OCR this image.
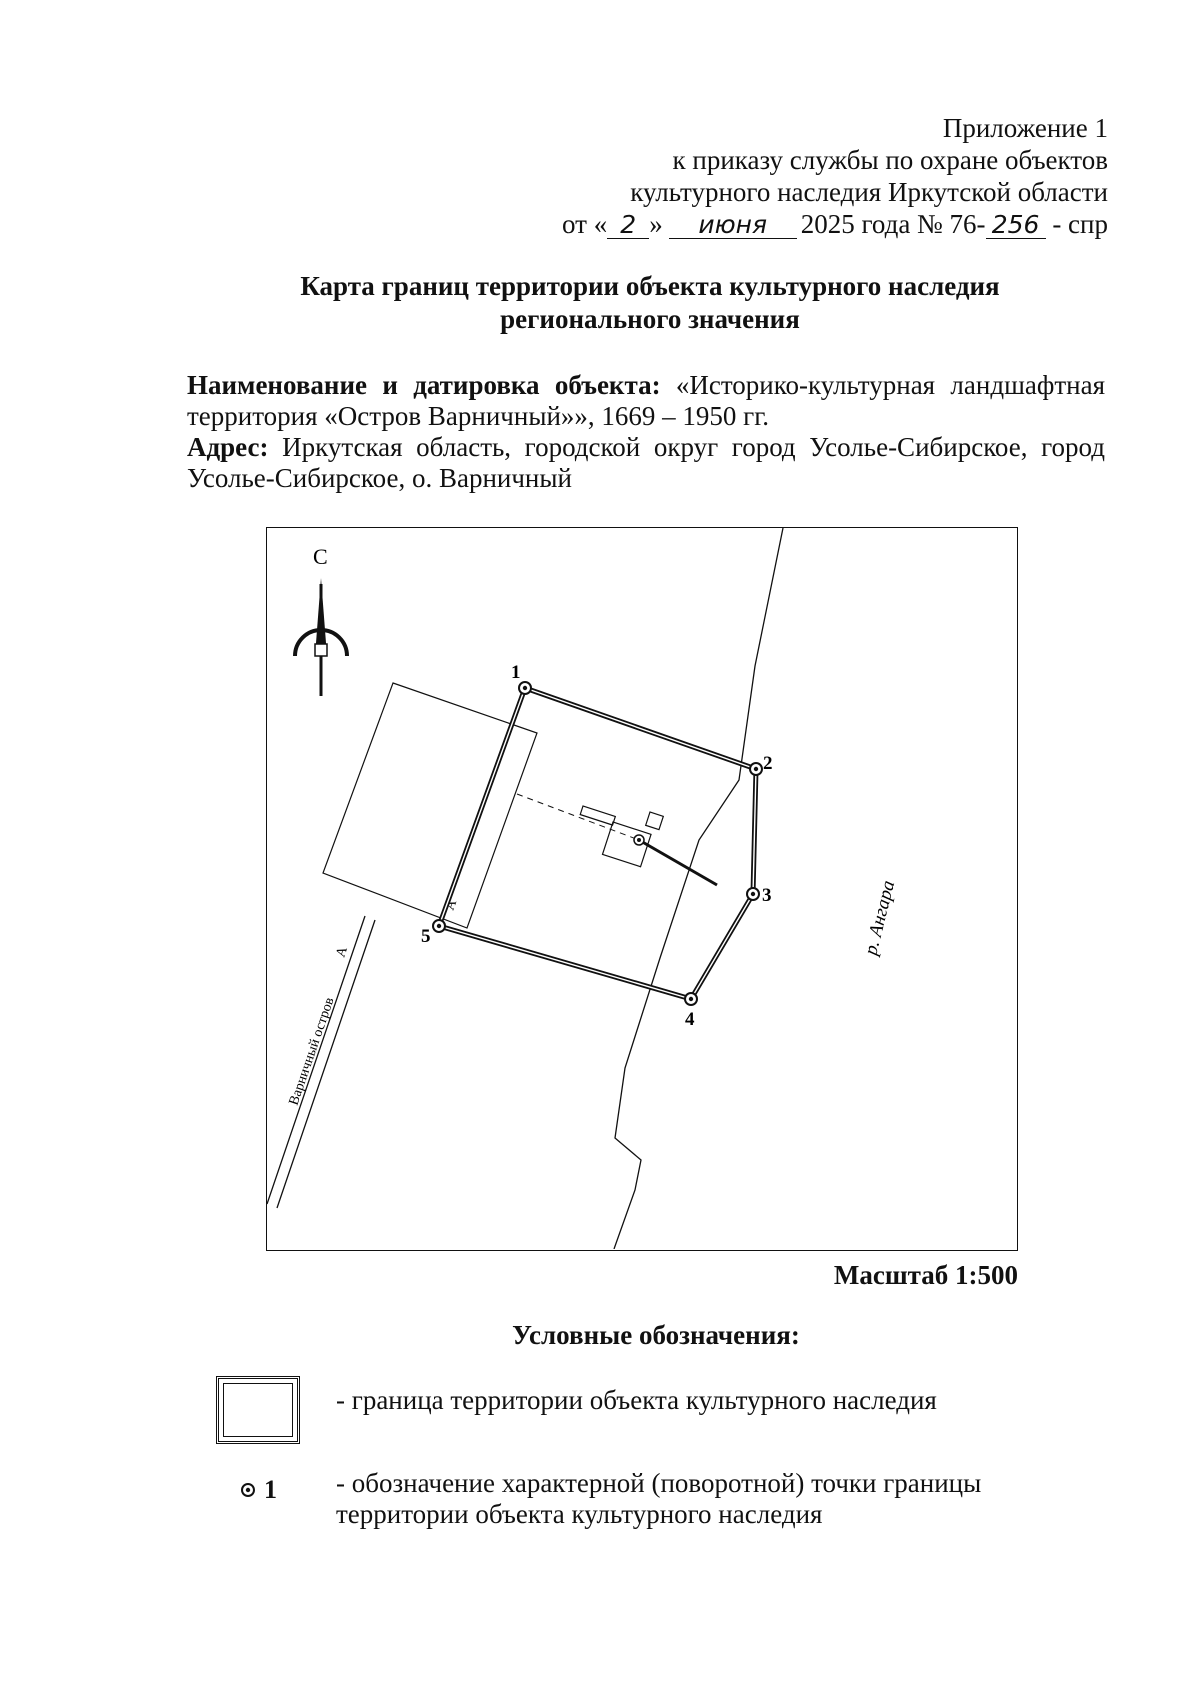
Приложение 1
к приказу службы по охране объектов
культурного наследия Иркутской области
от « 2 » июня 2025 года № 76- 256 - спр
Карта границ территории объекта культурного наследия
регионального значения
Наименование и датировка объекта: «Историко-культурная ландшафтная территория «Остров Варничный»», 1669 – 1950 гг.
Адрес: Иркутская область, городской округ город Усолье-Сибирское, город Усолье-Сибирское, о. Варничный
А
А
Варничный остров
С
1
2
3
4
5	р. Ангара
Масштаб 1:500
Условные обозначения:
- граница территории объекта культурного наследия
1 - обозначение характерной (поворотной) точки границы
территории объекта культурного наследия
